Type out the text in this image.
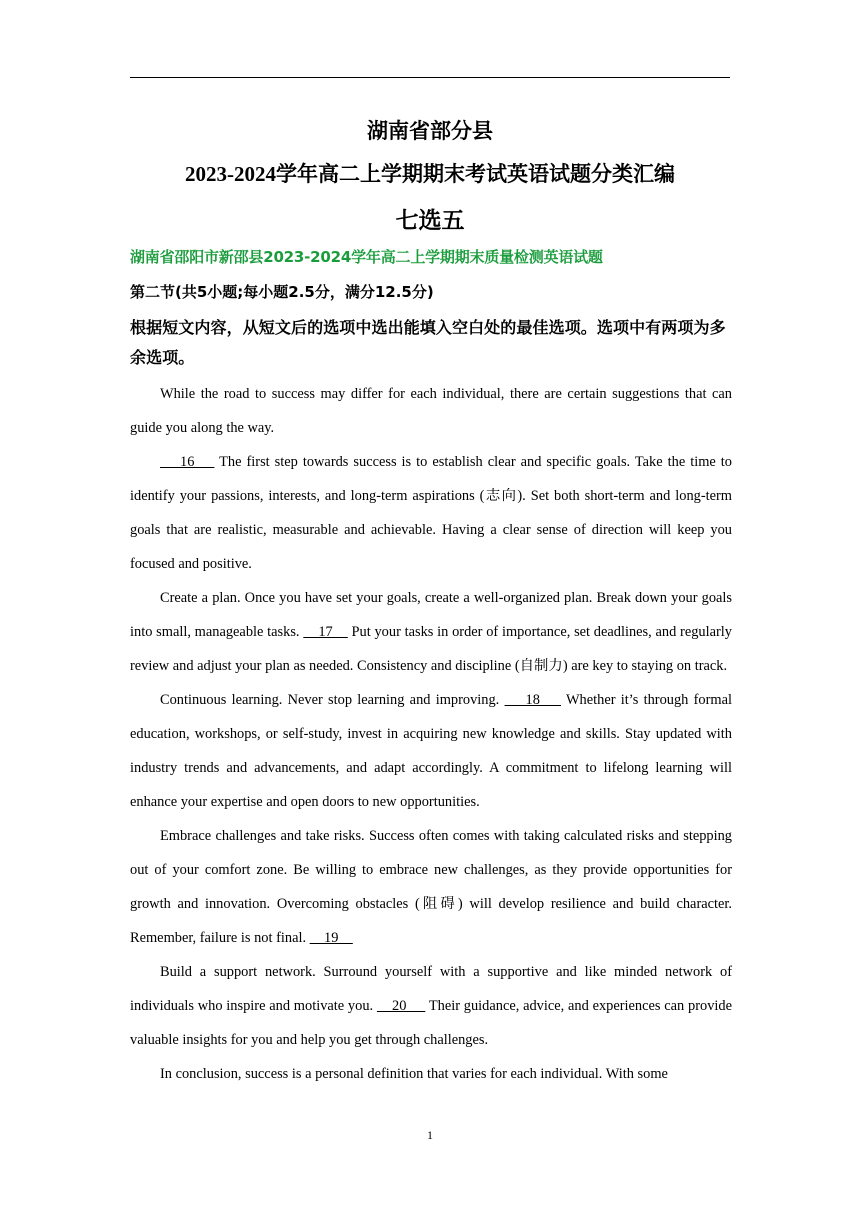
湖南省部分县
2023-2024学年高二上学期期末考试英语试题分类汇编
七选五
湖南省邵阳市新邵县2023-2024学年高二上学期期末质量检测英语试题
第二节(共5小题;每小题2.5分，满分12.5分)
根据短文内容，从短文后的选项中选出能填入空白处的最佳选项。选项中有两项为多余选项。

While the road to success may differ for each individual, there are certain suggestions that can guide you along the way.

16     The first step towards success is to establish clear and specific goals. Take the time to identify your passions, interests, and long-term aspirations (志向). Set both short-term and long-term goals that are realistic, measurable and achievable. Having a clear sense of direction will keep you focused and positive.

Create a plan. Once you have set your goals, create a well-organized plan. Break down your goals into small, manageable tasks.     17     Put your tasks in order of importance, set deadlines, and regularly review and adjust your plan as needed. Consistency and discipline (自制力) are key to staying on track.

Continuous learning. Never stop learning and improving.     18     Whether it’s through formal education, workshops, or self-study, invest in acquiring new knowledge and skills. Stay updated with industry trends and advancements, and adapt accordingly. A commitment to lifelong learning will enhance your expertise and open doors to new opportunities.

Embrace challenges and take risks. Success often comes with taking calculated risks and stepping out of your comfort zone. Be willing to embrace new challenges, as they provide opportunities for growth and innovation. Overcoming obstacles (阻碍) will develop resilience and build character. Remember, failure is not final.     19

Build a support network. Surround yourself with a supportive and like minded network of individuals who inspire and motivate you.     20      Their guidance, advice, and experiences can provide valuable insights for you and help you get through challenges.

In conclusion, success is a personal definition that varies for each individual. With some

1
